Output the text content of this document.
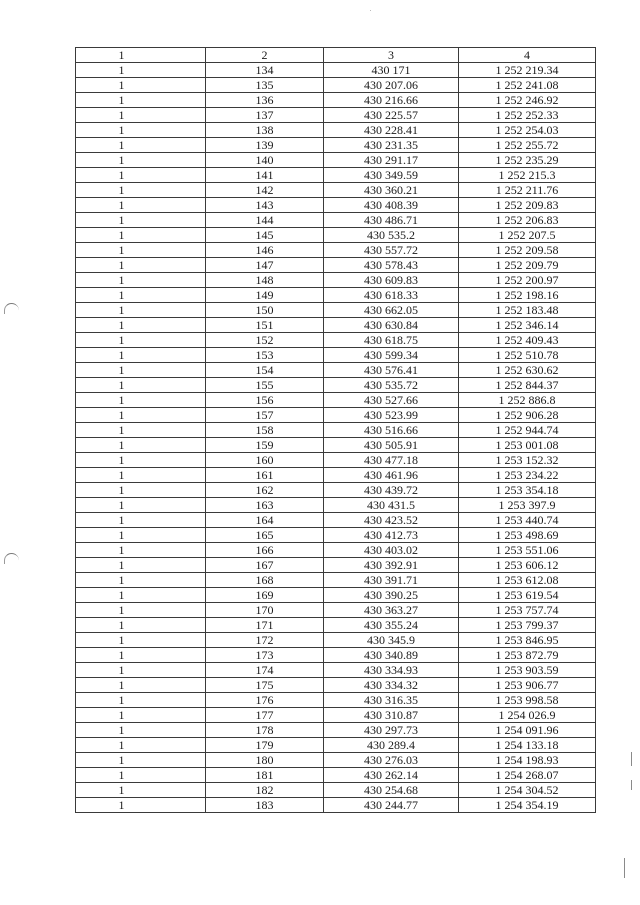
1	2	3	4
1	134	430 171	1 252 219.34
1	135	430 207.06	1 252 241.08
1	136	430 216.66	1 252 246.92
1	137	430 225.57	1 252 252.33
1	138	430 228.41	1 252 254.03
1	139	430 231.35	1 252 255.72
1	140	430 291.17	1 252 235.29
1	141	430 349.59	1 252 215.3
1	142	430 360.21	1 252 211.76
1	143	430 408.39	1 252 209.83
1	144	430 486.71	1 252 206.83
1	145	430 535.2	1 252 207.5
1	146	430 557.72	1 252 209.58
1	147	430 578.43	1 252 209.79
1	148	430 609.83	1 252 200.97
1	149	430 618.33	1 252 198.16
1	150	430 662.05	1 252 183.48
1	151	430 630.84	1 252 346.14
1	152	430 618.75	1 252 409.43
1	153	430 599.34	1 252 510.78
1	154	430 576.41	1 252 630.62
1	155	430 535.72	1 252 844.37
1	156	430 527.66	1 252 886.8
1	157	430 523.99	1 252 906.28
1	158	430 516.66	1 252 944.74
1	159	430 505.91	1 253 001.08
1	160	430 477.18	1 253 152.32
1	161	430 461.96	1 253 234.22
1	162	430 439.72	1 253 354.18
1	163	430 431.5	1 253 397.9
1	164	430 423.52	1 253 440.74
1	165	430 412.73	1 253 498.69
1	166	430 403.02	1 253 551.06
1	167	430 392.91	1 253 606.12
1	168	430 391.71	1 253 612.08
1	169	430 390.25	1 253 619.54
1	170	430 363.27	1 253 757.74
1	171	430 355.24	1 253 799.37
1	172	430 345.9	1 253 846.95
1	173	430 340.89	1 253 872.79
1	174	430 334.93	1 253 903.59
1	175	430 334.32	1 253 906.77
1	176	430 316.35	1 253 998.58
1	177	430 310.87	1 254 026.9
1	178	430 297.73	1 254 091.96
1	179	430 289.4	1 254 133.18
1	180	430 276.03	1 254 198.93
1	181	430 262.14	1 254 268.07
1	182	430 254.68	1 254 304.52
1	183	430 244.77	1 254 354.19
